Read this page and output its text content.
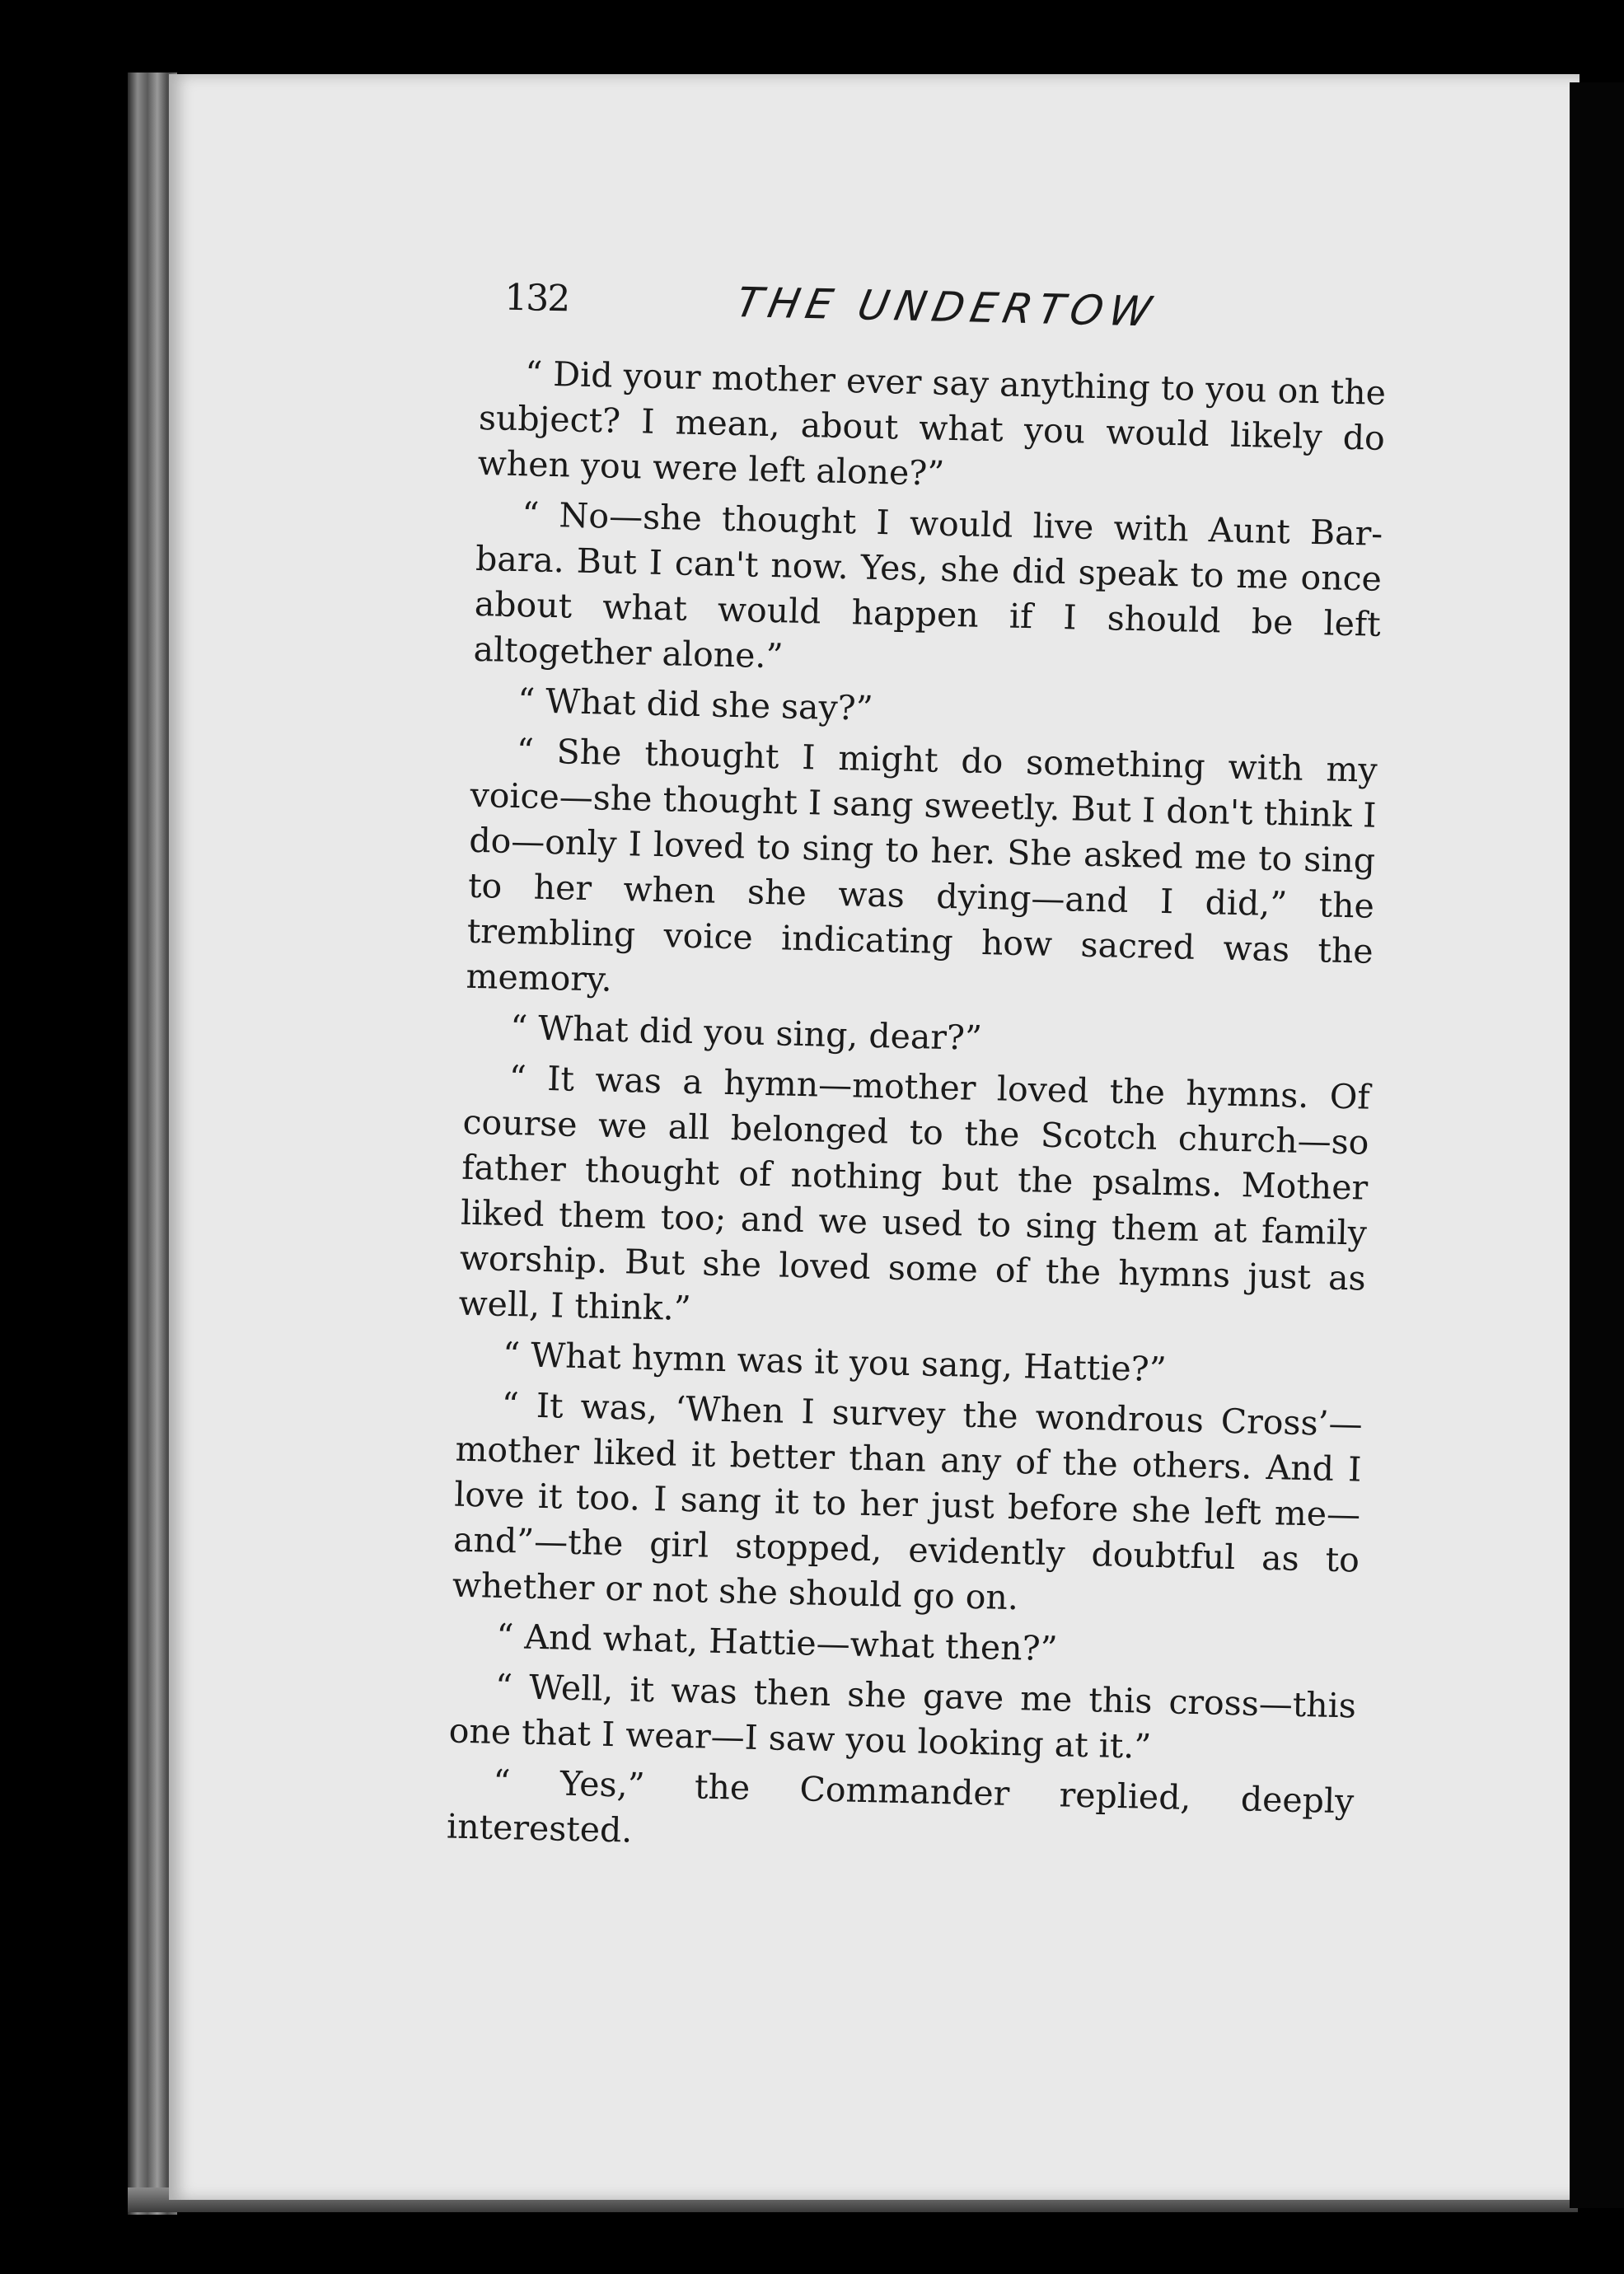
132	THE UNDERTOW

“ Did your mother ever say anything to you on the subject? I mean, about what you would likely do when you were left alone?”

“ No—she thought I would live with Aunt Bar-bara. But I can't now. Yes, she did speak to me once about what would happen if I should be left altogether alone.”

“ What did she say?”

“ She thought I might do something with my voice—she thought I sang sweetly. But I don't think I do—only I loved to sing to her. She asked me to sing to her when she was dying—and I did,” the trembling voice indicating how sacred was the memory.

“ What did you sing, dear?”

“ It was a hymn—mother loved the hymns. Of course we all belonged to the Scotch church—so father thought of nothing but the psalms. Mother liked them too; and we used to sing them at family worship. But she loved some of the hymns just as well, I think.”

“ What hymn was it you sang, Hattie?”

“ It was, ‘When I survey the wondrous Cross’—mother liked it better than any of the others. And I love it too. I sang it to her just before she left me—and”—the girl stopped, evidently doubtful as to whether or not she should go on.

“ And what, Hattie—what then?”

“ Well, it was then she gave me this cross—this one that I wear—I saw you looking at it.”

“ Yes,” the Commander replied, deeply interested.
